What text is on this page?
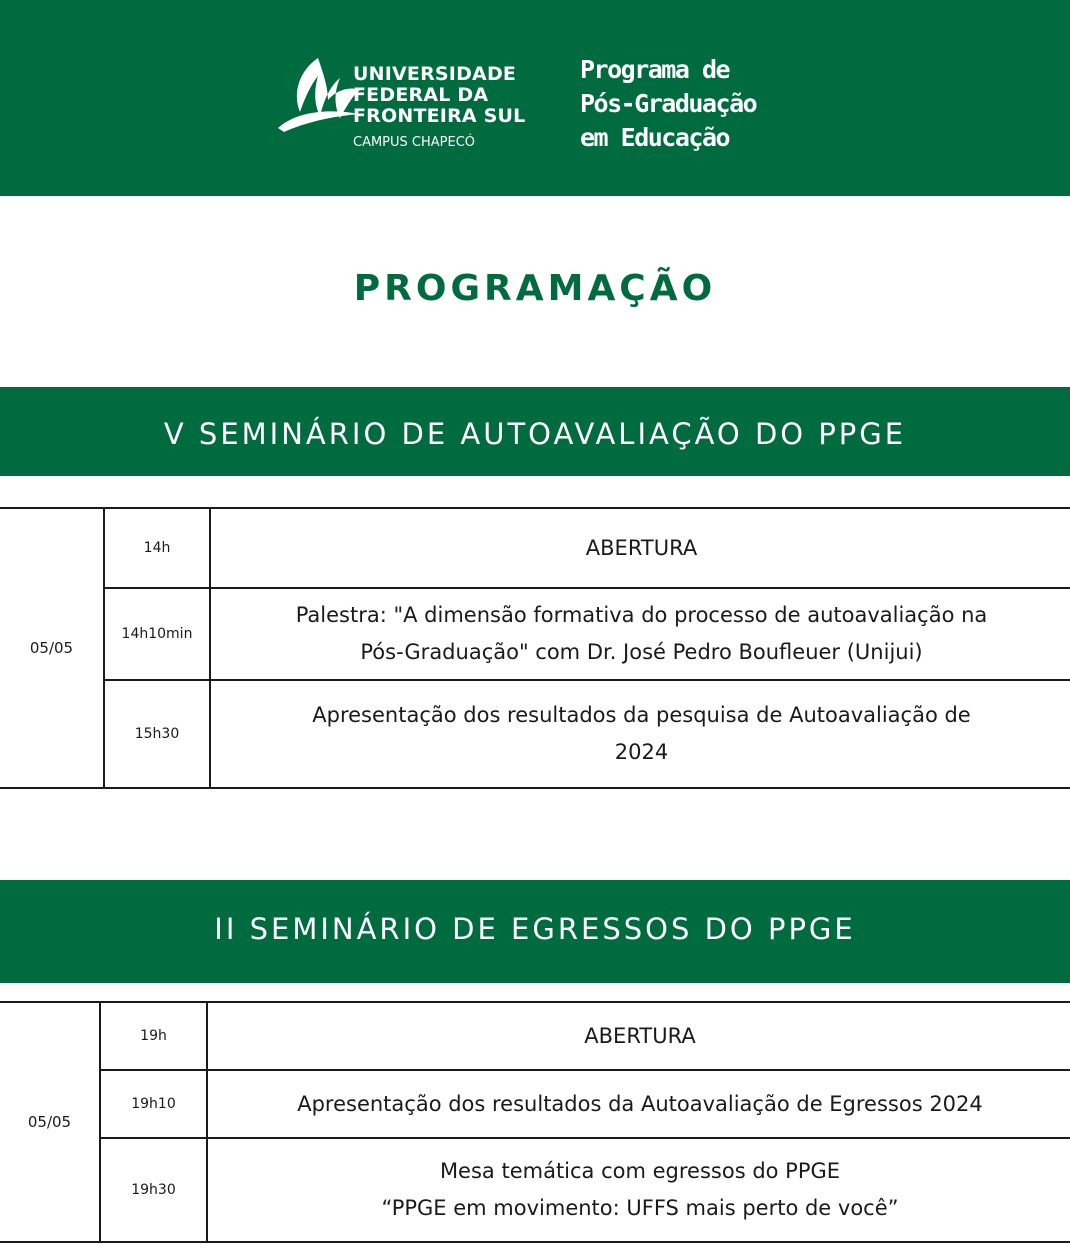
UNIVERSIDADE
FEDERAL DA
FRONTEIRA SUL
CAMPUS CHAPECÓ
Programa de
Pós-Graduação
em Educação
PROGRAMAÇÃO
V SEMINÁRIO DE AUTOAVALIAÇÃO DO PPGE
05/05	14h	ABERTURA

	14h10min	Palestra: "A dimensão formativa do processo de autoavaliação na
Pós-Graduação" com Dr. José Pedro Boufleuer (Unijui)

	15h30	Apresentação dos resultados da pesquisa de Autoavaliação de
2024
II SEMINÁRIO DE EGRESSOS DO PPGE
05/05	19h	ABERTURA

	19h10	Apresentação dos resultados da Autoavaliação de Egressos 2024

	19h30	Mesa temática com egressos do PPGE
“PPGE em movimento: UFFS mais perto de você”
